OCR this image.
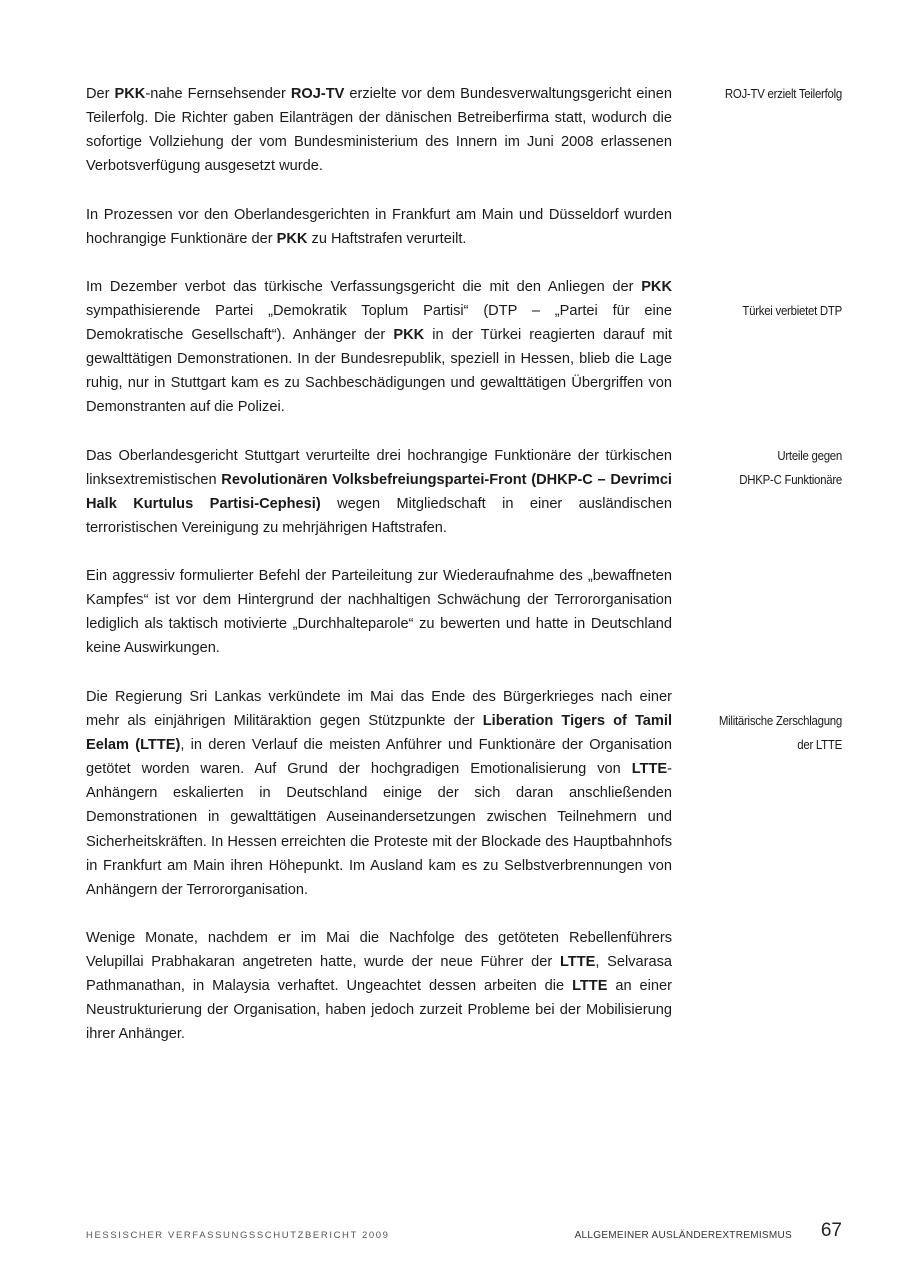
Der PKK-nahe Fernsehsender ROJ-TV erzielte vor dem Bundesverwaltungsgericht einen Teilerfolg. Die Richter gaben Eilanträgen der dänischen Betreiberfirma statt, wodurch die sofortige Vollziehung der vom Bundesministerium des Innern im Juni 2008 erlassenen Verbotsverfügung ausgesetzt wurde.

In Prozessen vor den Oberlandesgerichten in Frankfurt am Main und Düsseldorf wurden hochrangige Funktionäre der PKK zu Haftstrafen verurteilt.

Im Dezember verbot das türkische Verfassungsgericht die mit den Anliegen der PKK sympathisierende Partei „Demokratik Toplum Partisi“ (DTP – „Partei für eine Demokratische Gesellschaft“). Anhänger der PKK in der Türkei reagierten darauf mit gewalttätigen Demonstrationen. In der Bundesrepublik, speziell in Hessen, blieb die Lage ruhig, nur in Stuttgart kam es zu Sachbeschädigungen und gewalttätigen Übergriffen von Demonstranten auf die Polizei.

Das Oberlandesgericht Stuttgart verurteilte drei hochrangige Funktionäre der türkischen linksextremistischen Revolutionären Volksbefreiungspartei-Front (DHKP-C – Devrimci Halk Kurtulus Partisi-Cephesi) wegen Mitgliedschaft in einer ausländischen terroristischen Vereinigung zu mehrjährigen Haftstrafen.

Ein aggressiv formulierter Befehl der Parteileitung zur Wiederaufnahme des „bewaffneten Kampfes“ ist vor dem Hintergrund der nachhaltigen Schwächung der Terrororganisation lediglich als taktisch motivierte „Durchhalteparole“ zu bewerten und hatte in Deutschland keine Auswirkungen.

Die Regierung Sri Lankas verkündete im Mai das Ende des Bürgerkrieges nach einer mehr als einjährigen Militäraktion gegen Stützpunkte der Liberation Tigers of Tamil Eelam (LTTE), in deren Verlauf die meisten Anführer und Funktionäre der Organisation getötet worden waren. Auf Grund der hochgradigen Emotionalisierung von LTTE-Anhängern eskalierten in Deutschland einige der sich daran anschließenden Demonstrationen in gewalttätigen Auseinandersetzungen zwischen Teilnehmern und Sicherheitskräften. In Hessen erreichten die Proteste mit der Blockade des Hauptbahnhofs in Frankfurt am Main ihren Höhepunkt. Im Ausland kam es zu Selbstverbrennungen von Anhängern der Terrororganisation.

Wenige Monate, nachdem er im Mai die Nachfolge des getöteten Rebellenführers Velupillai Prabhakaran angetreten hatte, wurde der neue Führer der LTTE, Selvarasa Pathmanathan, in Malaysia verhaftet. Ungeachtet dessen arbeiten die LTTE an einer Neustrukturierung der Organisation, haben jedoch zurzeit Probleme bei der Mobilisierung ihrer Anhänger.

ROJ-TV erzielt Teilerfolg
Türkei verbietet DTP
Urteile gegen
DHKP-C Funktionäre
Militärische Zerschlagung
der LTTE
HESSISCHER VERFASSUNGSSCHUTZBERICHT 2009	ALLGEMEINER AUSLÄNDEREXTREMISMUS 67
